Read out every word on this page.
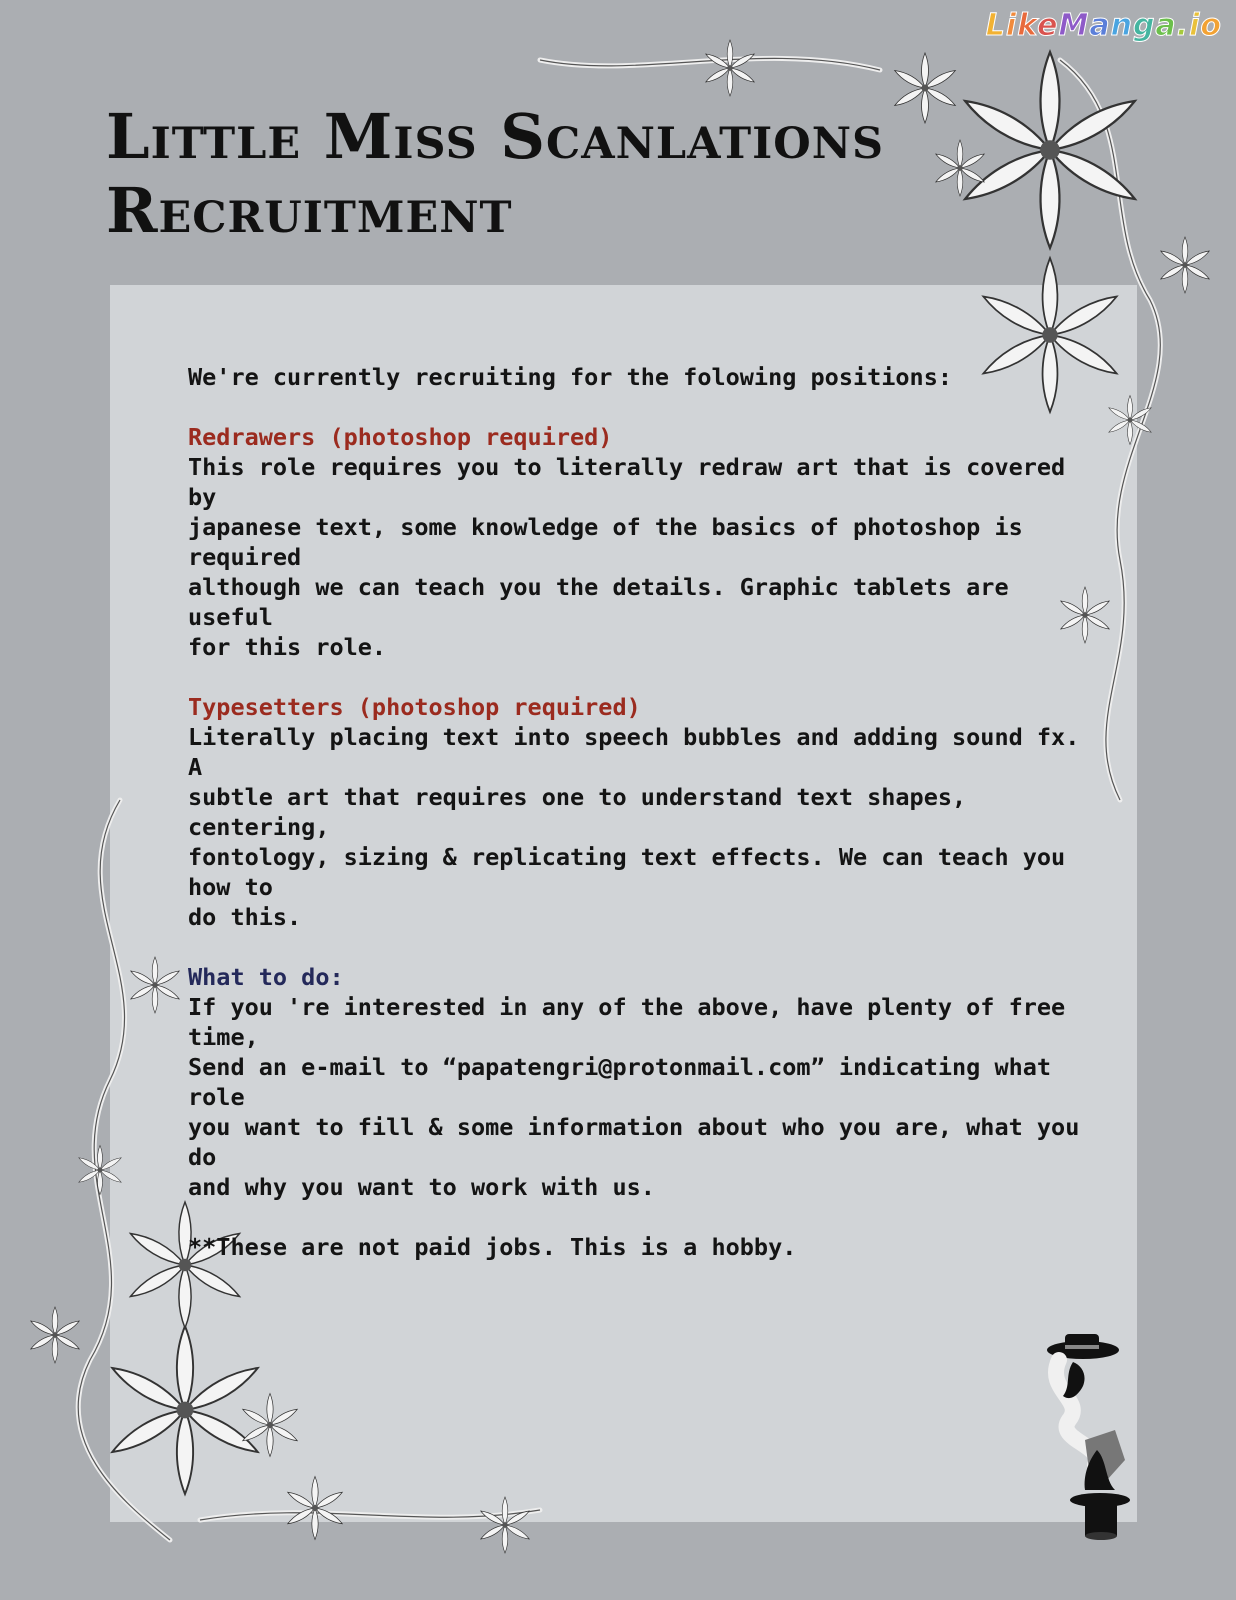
LikeManga.io
Little Miss Scanlations
Recruitment

We're currently recruiting for the folowing positions:

Redrawers (photoshop required)

This role requires you to literally redraw art that is covered by

japanese text, some knowledge of the basics of photoshop is required

although we can teach you the details. Graphic tablets are useful

for this role.

Typesetters (photoshop required)

Literally placing text into speech bubbles and adding sound fx. A

subtle art that requires one to understand text shapes, centering,

fontology, sizing & replicating text effects. We can teach you how to

do this.

What to do:

If you 're interested in any of the above, have plenty of free time,

Send an e-mail to “papatengri@protonmail.com” indicating what role

you want to fill & some information about who you are, what you do

and why you want to work with us.

**These are not paid jobs. This is a hobby.
